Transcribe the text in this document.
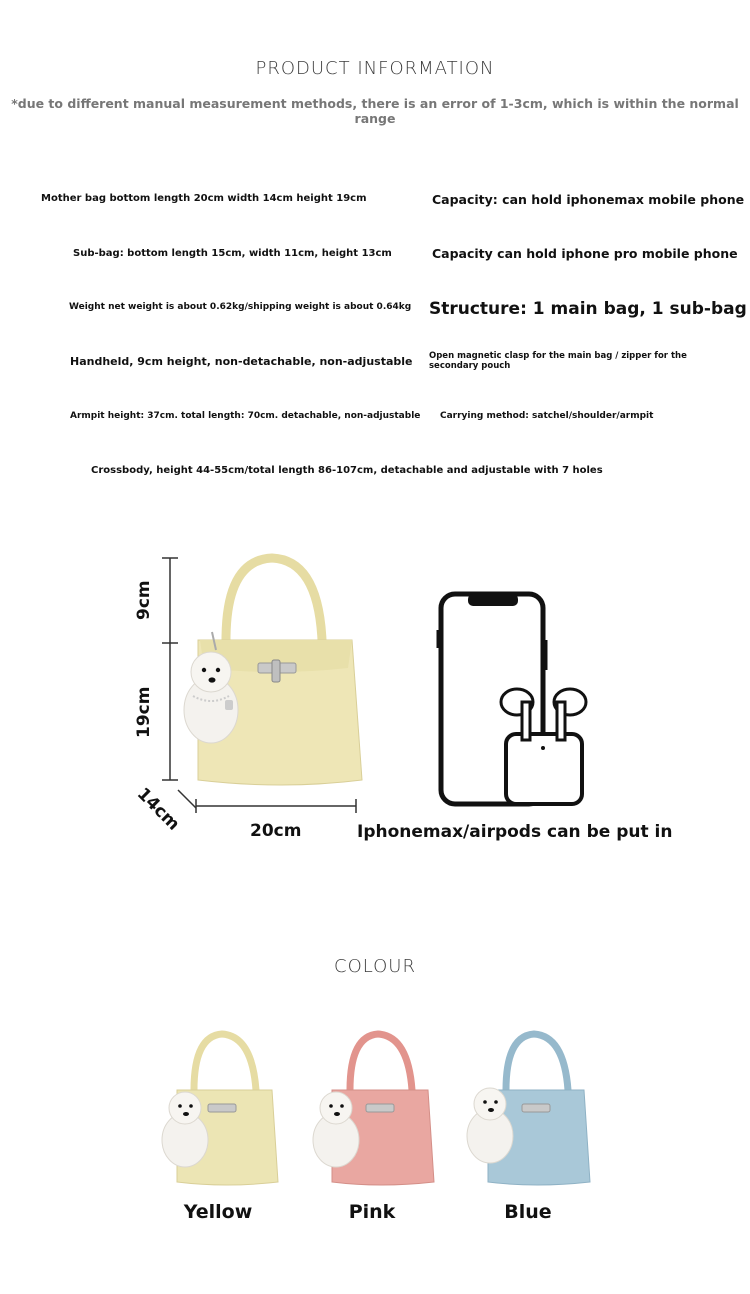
PRODUCT INFORMATION
*due to different manual measurement methods, there is an error of 1-3cm, which is within the normal range
Mother bag bottom length 20cm width 14cm height 19cm	Capacity: can hold iphonemax mobile phone
Sub-bag: bottom length 15cm, width 11cm, height 13cm	Capacity can hold iphone pro mobile phone
Weight net weight is about 0.62kg/shipping weight is about 0.64kg Structure: 1 main bag, 1 sub-bag
Handheld, 9cm height, non-detachable, non-adjustable Open magnetic clasp for the main bag / zipper for the secondary pouch
Armpit height: 37cm. total length: 70cm. detachable, non-adjustable Carrying method: satchel/shoulder/armpit
Crossbody, height 44-55cm/total length 86-107cm, detachable and adjustable with 7 holes
9cm
19cm
14cm	20cm	Iphonemax/airpods can be put in
COLOUR
Yellow	Pink	Blue
